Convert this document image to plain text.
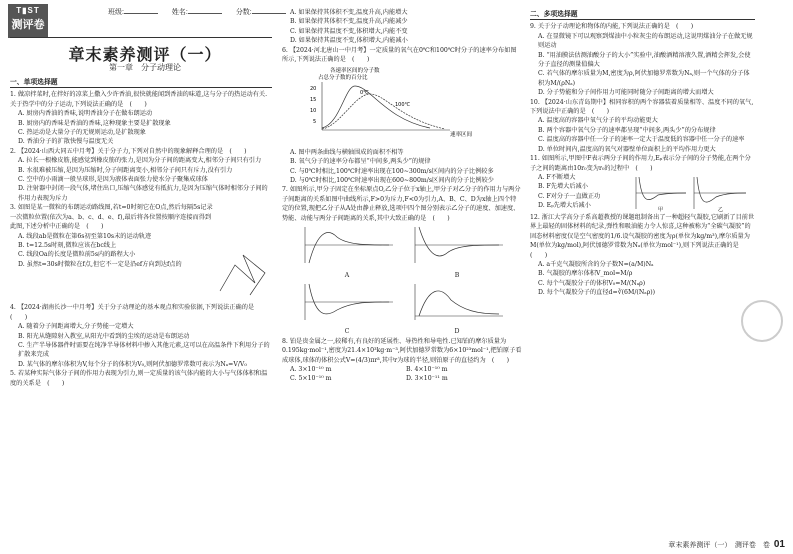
T▮ST
测评卷
班级:	姓名:	分数:
章末素养测评（一）
第一章　分子动理论
一、单项选择题
1. 做凉拌菜时,在拌好的凉菜上撒入少许香油,很快就能闻到香油的味道,这与分子的热运动有关.关于热学中的分子运动,下列说法正确的是　(　　)
A. 厨房内香油的香味,说明香油分子在做布朗运动
B. 厨房内的香味是香油的香味,这种现象主要是扩散现象
C. 热运动是大量分子的无规则运动,是扩散现象
D. 香油分子的扩散快慢与温度无关
2. 【2024·山西大同五中月考】关于分子力,下列对自然中的现象解释合理的是　(　　)
A. 拉长一根橡皮筋,能感觉到橡皮筋的张力,是因为分子间的距离变大,相邻分子间只有引力
B. 水很难被压缩,是因为压缩时,分子间距离变小,相邻分子间只有斥力,没有引力
C. 空中的小雨滴一般呈球形,是因为液体表面张力使水分子聚集成球体
D. 注射器中封闭一段气体,堵住出口,压缩气体感觉有抵抗力,是因为压缩气体时相邻分子间的作用力表现为斥力
3. 如图是某一微粒的布朗运动路线图,若t=0时刻它在O点,然后每隔5s记录一次微粒位置(依次为a、b、c、d、e、f),最后将各位置按顺序连接而得到此图,下述分析中正确的是　(　　)
A. 线段ab是微粒在第6s初至第10s末的运动轨迹
B. t=12.5s时刻,微粒应该在bc线上
C. 线段Oa的长度是微粒前5s内的路程大小
D. 虽然t=30s时微粒在f点,但它不一定是沿ef方向到达f点的
4. 【2024·湖南长沙一中月考】关于分子动理论的基本观点和实验依据,下列说法正确的是　(　　)
A. 随着分子间距离增大,分子势能一定增大
B. 阳光从缝隙射入教室,从阳光中看到的尘埃的运动是布朗运动
C. 生产半导体器件时需要在纯净半导体材料中掺入其他元素,这可以在高温条件下利用分子的扩散来完成
D. 某气体的摩尔体积为V,每个分子的体积为V₀,则阿伏加德罗常数可表示为Nₐ=V/V₀
5. 若某种实际气体分子间的作用力表现为引力,则一定质量的该气体内能的大小与气体体积和温度的关系是　(　　)
A. 如果保持其体积不变,温度升高,内能增大
B. 如果保持其体积不变,温度升高,内能减少
C. 如果保持其温度不变,体积增大,内能不变
D. 如果保持其温度不变,体积增大,内能减小
6. 【2024·河北唐山一中月考】一定质量的氧气在0℃和100℃时分子的速率分布如图所示,下列说法正确的是　(　　)
各速率区间的分子数
占总分子数的百分比
20
15
10
5
速率区间
0℃
100℃
A. 图中两条曲线与横轴围成的面积不相等
B. 氧气分子的速率分布都呈“中间多,两头少”的规律
C. 与0℃时相比,100℃时速率出现在100~300m/s区间内的分子比例较多
D. 与0℃时相比,100℃时速率出现在600~800m/s区间内的分子比例较少
7. 如图所示,甲分子固定在坐标原点O,乙分子位于x轴上,甲分子对乙分子的作用力与两分子间距离的关系如图中曲线所示,F>0为斥力,F<0为引力,A、B、C、D为x轴上四个特定的位置,现把乙分子从A处由静止释放,选项中四个图分别表示乙分子的速度、加速度、势能、动能与两分子间距离的关系,其中大致正确的是　(　　)
A	B
C	D
8. 铂是贵金属之一,较稀有,有良好的延展性、导热性和导电性.已知铂的摩尔质量为0.195kg·mol⁻¹,密度为21.4×10³kg·m⁻³,阿伏加德罗常数为6×10²³mol⁻¹,把铂原子看成球体,球体的体积公式V=(4/3)πr³,其中r为球的半径,则铂原子的直径约为　(　　)
A. 3×10⁻¹⁰ m	B. 4×10⁻¹⁰ m
C. 5×10⁻¹⁰ m	D. 3×10⁻¹¹ m
二、多项选择题
9. 关于分子动理论和物体的内能,下列说法正确的是　(　　)
A. 在显微镜下可以观察到煤油中小粒灰尘的布朗运动,这说明煤油分子在做无规则运动
B. “用油膜法估测油酸分子的大小”实验中,油酸酒精溶液久置,酒精会挥发,会使分子直径的测量值偏大
C. 若气体的摩尔质量为M,密度为ρ,阿伏加德罗常数为Nₐ,则一个气体的分子体积为M/(ρNₐ)
D. 分子势能和分子间作用力可能同时随分子间距离的增大而增大
10. 【2024·山东青岛期中】相同容积的两个容器装着质量相等、温度不同的氧气,下列说法中正确的是　(　　)
A. 温度高的容器中氧气分子的平均动能更大
B. 两个容器中氧气分子的速率都呈现“中间多,两头少”的分布规律
C. 温度高的容器中任一分子的速率一定大于温度低的容器中任一分子的速率
D. 单位时间内,温度高的氧气对器壁单位面积上的平均作用力更大
11. 如图所示,甲图中F表示两分子间的作用力,Eₚ表示分子间的分子势能,在两个分子之间的距离由10r₀变为r₀的过程中　(　　)
A. F不断增大
B. F先增大后减小
C. F对分子一直做正功
D. Eₚ先增大后减小
甲	乙
12. 浙江大学高分子系高超教授的课题组制备出了一种超轻气凝胶,它刷新了目前世界上最轻的固体材料的纪录,弹性和吸油能力令人惊喜,这种被称为“全碳气凝胶”的固态材料密度仅是空气密度的1/6.设气凝胶的密度为ρ(单位为kg/m³),摩尔质量为M(单位为kg/mol),阿伏加德罗常数为Nₐ(单位为mol⁻¹),则下列说法正确的是　(　　)
A. a千克气凝胶所含的分子数N=(a/M)Nₐ
B. 气凝胶的摩尔体积V_mol=M/ρ
C. 每个气凝胶分子的体积V₀=M/(Nₐρ)
D. 每个气凝胶分子的直径d=∛(6M/(Nₐρ))
章末素养测评（一）　测评卷　卷 01
